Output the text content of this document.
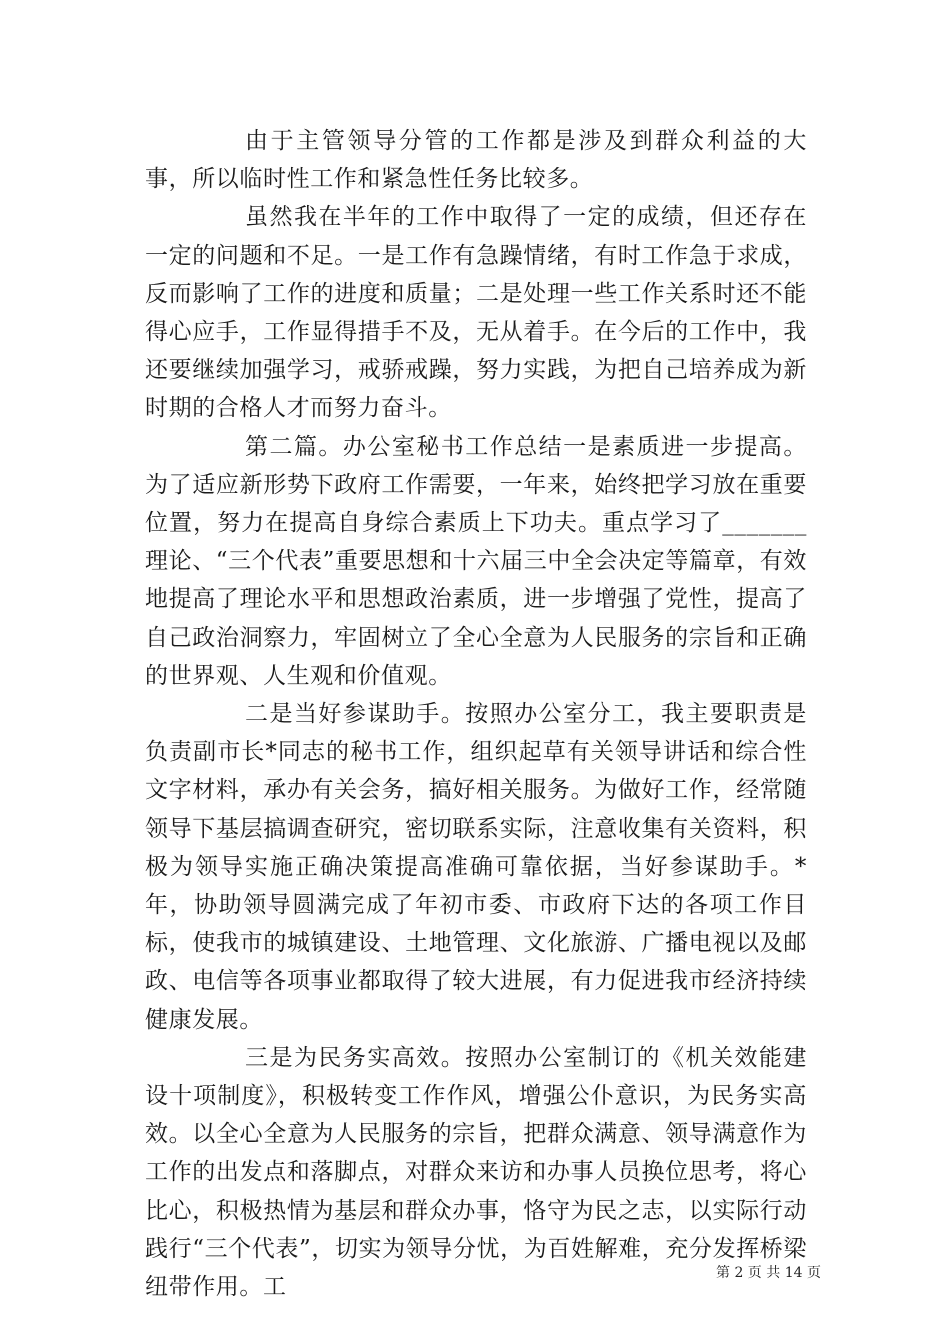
由于主管领导分管的工作都是涉及到群众利益的大事，所以临时性工作和紧急性任务比较多。

虽然我在半年的工作中取得了一定的成绩，但还存在一定的问题和不足。一是工作有急躁情绪，有时工作急于求成，反而影响了工作的进度和质量；二是处理一些工作关系时还不能得心应手，工作显得措手不及，无从着手。在今后的工作中，我还要继续加强学习，戒骄戒躁，努力实践，为把自己培养成为新时期的合格人才而努力奋斗。

第二篇。办公室秘书工作总结一是素质进一步提高。为了适应新形势下政府工作需要，一年来，始终把学习放在重要位置，努力在提高自身综合素质上下功夫。重点学习了_______理论、“三个代表”重要思想和十六届三中全会决定等篇章，有效地提高了理论水平和思想政治素质，进一步增强了党性，提高了自己政治洞察力，牢固树立了全心全意为人民服务的宗旨和正确的世界观、人生观和价值观。

二是当好参谋助手。按照办公室分工，我主要职责是负责副市长*同志的秘书工作，组织起草有关领导讲话和综合性文字材料，承办有关会务，搞好相关服务。为做好工作，经常随领导下基层搞调查研究，密切联系实际，注意收集有关资料，积极为领导实施正确决策提高准确可靠依据，当好参谋助手。*年，协助领导圆满完成了年初市委、市政府下达的各项工作目标，使我市的城镇建设、土地管理、文化旅游、广播电视以及邮政、电信等各项事业都取得了较大进展，有力促进我市经济持续健康发展。

三是为民务实高效。按照办公室制订的《机关效能建设十项制度》，积极转变工作作风，增强公仆意识，为民务实高效。以全心全意为人民服务的宗旨，把群众满意、领导满意作为工作的出发点和落脚点，对群众来访和办事人员换位思考，将心比心，积极热情为基层和群众办事，恪守为民之志，以实际行动践行“三个代表”，切实为领导分忧，为百姓解难，充分发挥桥梁纽带作用。工

第 2 页 共 14 页
